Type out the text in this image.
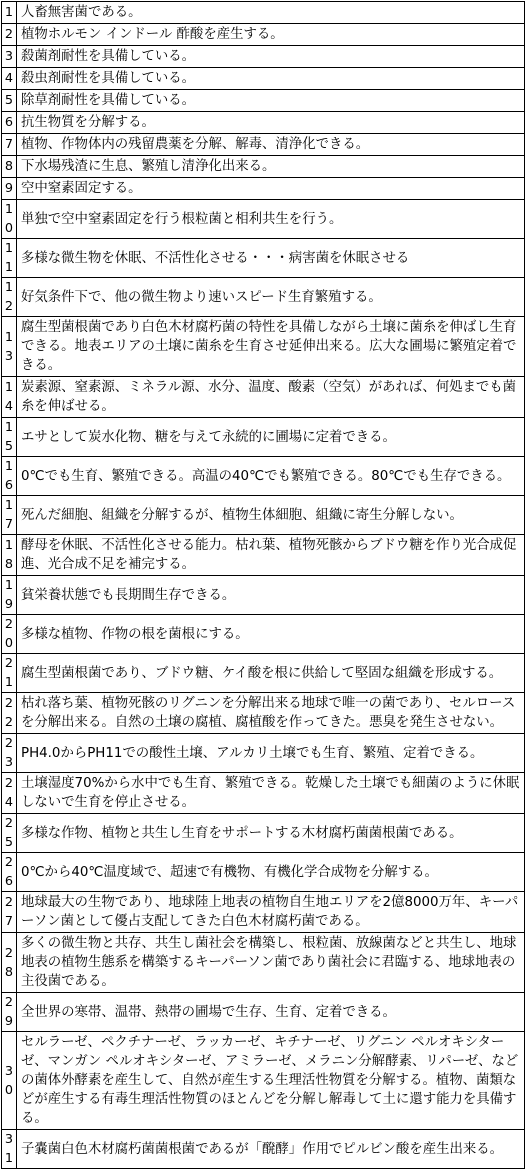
1	人畜無害菌である。
2	植物ホルモン インドール 酢酸を産生する。
3	殺菌剤耐性を具備している。
4	殺虫剤耐性を具備している。
5	除草剤耐性を具備している。
6	抗生物質を分解する。
7	植物、作物体内の残留農薬を分解、解毒、清浄化できる。
8	下水場残渣に生息、繁殖し清浄化出来る。
9	空中窒素固定する。
10	単独で空中窒素固定を行う根粒菌と相利共生を行う。
11	多様な微生物を休眠、不活性化させる・・・病害菌を休眠させる
12	好気条件下で、他の微生物より速いスピード生育繁殖する。
13	腐生型菌根菌であり白色木材腐朽菌の特性を具備しながら土壌に菌糸を伸ばし生育できる。地表エリアの土壌に菌糸を生育させ延伸出来る。広大な圃場に繁殖定着できる。
14	炭素源、窒素源、ミネラル源、水分、温度、酸素（空気）があれば、何処までも菌糸を伸ばせる。
15	エサとして炭水化物、糖を与えて永続的に圃場に定着できる。
16	0℃でも生育、繁殖できる。高温の40℃でも繁殖できる。80℃でも生存できる。
17	死んだ細胞、組織を分解するが、植物生体細胞、組織に寄生分解しない。
18	酵母を休眠、不活性化させる能力。枯れ葉、植物死骸からブドウ糖を作り光合成促進、光合成不足を補完する。
19	貧栄養状態でも長期間生存できる。
20	多様な植物、作物の根を菌根にする。
21	腐生型菌根菌であり、ブドウ糖、ケイ酸を根に供給して堅固な組織を形成する。
22	枯れ落ち葉、植物死骸のリグニンを分解出来る地球で唯一の菌であり、セルロースを分解出来る。自然の土壌の腐植、腐植酸を作ってきた。悪臭を発生させない。
23	PH4.0からPH11での酸性土壌、アルカリ土壌でも生育、繁殖、定着できる。
24	土壌湿度70%から水中でも生育、繁殖できる。乾燥した土壌でも細菌のように休眠しないで生育を停止させる。
25	多様な作物、植物と共生し生育をサポートする木材腐朽菌菌根菌である。
26	0℃から40℃温度域で、超速で有機物、有機化学合成物を分解する。
27	地球最大の生物であり、地球陸上地表の植物自生地エリアを2億8000万年、キーパーソン菌として優占支配してきた白色木材腐朽菌である。
28	多くの微生物と共存、共生し菌社会を構築し、根粒菌、放線菌などと共生し、地球地表の植物生態系を構築するキーパーソン菌であり菌社会に君臨する、地球地表の主役菌である。
29	全世界の寒帯、温帯、熱帯の圃場で生存、生育、定着できる。
30	セルラーゼ、ペクチナーゼ、ラッカーゼ、キチナーゼ、リグニン ペルオキシターゼ、マンガン ペルオキシターゼ、アミラーゼ、メラニン分解酵素、リパーゼ、などの菌体外酵素を産生して、自然が産生する生理活性物質を分解する。植物、菌類などが産生する有毒生理活性物質のほとんどを分解し解毒して土に還す能力を具備する。
31	子嚢菌白色木材腐朽菌菌根菌であるが「醗酵」作用でピルビン酸を産生出来る。
